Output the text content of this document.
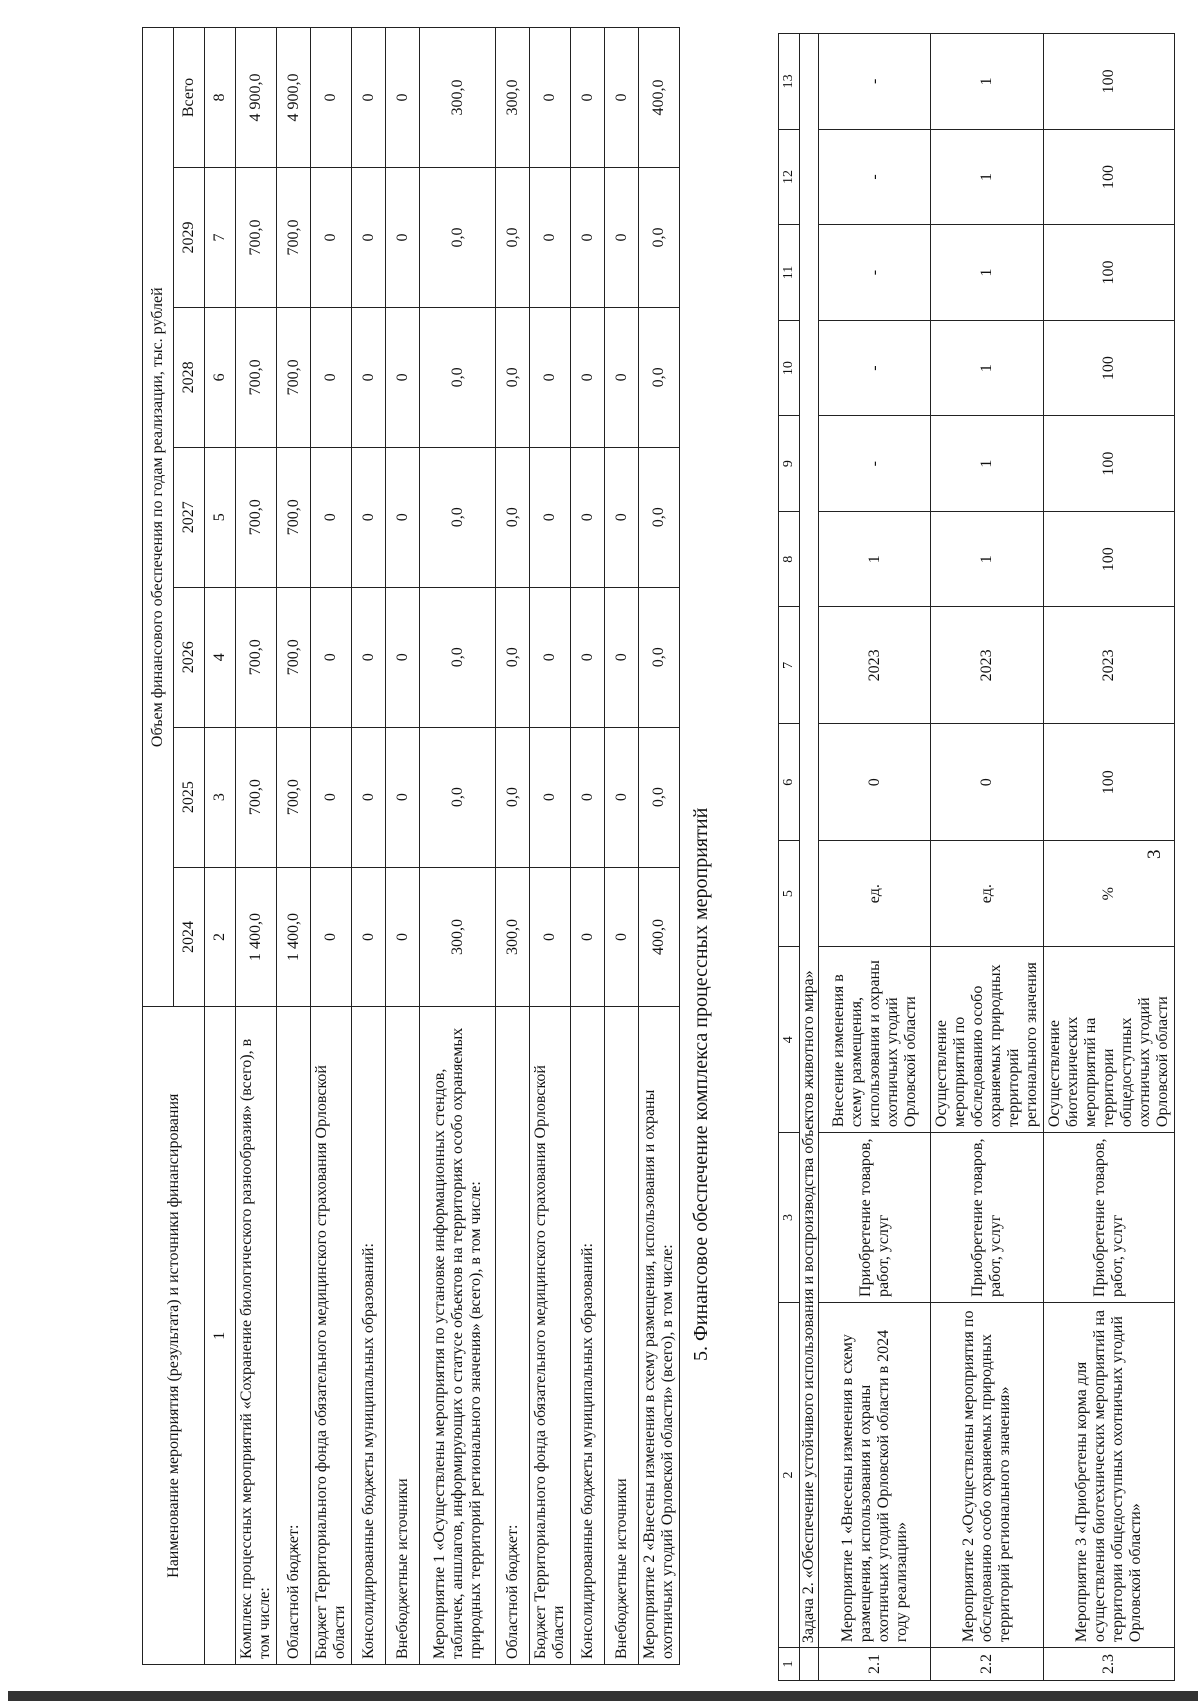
3
1	2	3	4	5	6	7	8	9	10	11	12	13
	Задача 2. «Обеспечение устойчивого использования и воспроизводства объектов животного мира»											
2.1	Мероприятие 1 «Внесены изменения в схему размещения, использования и охраны охотничьих угодий Орловской области в 2024 году реализации»	Приобретение товаров, работ, услуг	Внесение изменения в схему размещения, использования и охраны охотничьих угодий Орловской области	ед.	0	2023	1	-	-	-	-	-
2.2	Мероприятие 2 «Осуществлены мероприятия по обследованию особо охраняемых природных территорий регионального значения»	Приобретение товаров, работ, услуг	Осуществление мероприятий по обследованию особо охраняемых природных территорий регионального значения	ед.	0	2023	1	1	1	1	1	1
2.3	Мероприятие 3 «Приобретены корма для осуществления биотехнических мероприятий на территории общедоступных охотничьих угодий Орловской области»	Приобретение товаров, работ, услуг	Осуществление биотехнических мероприятий на территории общедоступных охотничьих угодий Орловской области	%	100	2023	100	100	100	100	100	100
5. Финансовое обеспечение комплекса процессных мероприятий
Наименование мероприятия (результата) и источники финансирования	Объем финансового обеспечения по годам реализации, тыс. рублей						
	2024	2025	2026	2027	2028	2029	Всего
1	2	3	4	5	6	7	8
Комплекс процессных мероприятий «Сохранение биологического разнообразия» (всего), в том числе:	1 400,0	700,0	700,0	700,0	700,0	700,0	4 900,0
Областной бюджет:	1 400,0	700,0	700,0	700,0	700,0	700,0	4 900,0
Бюджет Территориального фонда обязательного медицинского страхования Орловской области	0	0	0	0	0	0	0
Консолидированные бюджеты муниципальных образований:	0	0	0	0	0	0	0
Внебюджетные источники	0	0	0	0	0	0	0
Мероприятие 1 «Осуществлены мероприятия по установке информационных стендов, табличек, аншлагов, информирующих о статусе объектов на территориях особо охраняемых природных территорий регионального значения» (всего), в том числе:	300,0	0,0	0,0	0,0	0,0	0,0	300,0
Областной бюджет:	300,0	0,0	0,0	0,0	0,0	0,0	300,0
Бюджет Территориального фонда обязательного медицинского страхования Орловской области	0	0	0	0	0	0	0
Консолидированные бюджеты муниципальных образований:	0	0	0	0	0	0	0
Внебюджетные источники	0	0	0	0	0	0	0
Мероприятие 2 «Внесены изменения в схему размещения, использования и охраны охотничьих угодий Орловской области» (всего), в том числе:	400,0	0,0	0,0	0,0	0,0	0,0	400,0
